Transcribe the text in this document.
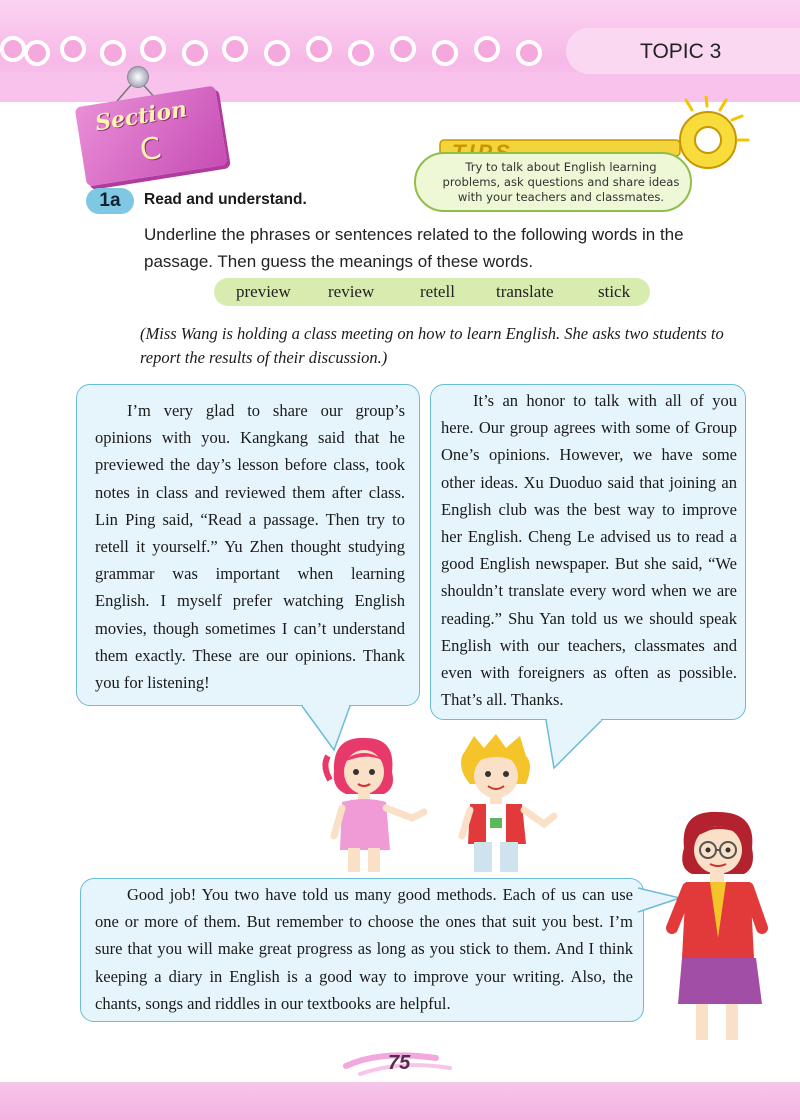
TOPIC 3
Section
C	Try to talk about English learning problems, ask questions and share ideas with your teachers and classmates.
1a	Read and understand.
Underline the phrases or sentences related to the following words in the passage. Then guess the meanings of these words.
preview review	retell translate	stick
(Miss Wang is holding a class meeting on how to learn English. She asks two students to report the results of their discussion.)

I’m very glad to share our group’s opinions with you. Kangkang said that he previewed the day’s lesson before class, took notes in class and reviewed them after class. Lin Ping said, “Read a passage. Then try to retell it yourself.” Yu Zhen thought studying grammar was important when learning English. I myself prefer watching English movies, though sometimes I can’t understand them exactly. These are our opinions. Thank you for listening!

It’s an honor to talk with all of you here. Our group agrees with some of Group One’s opinions. However, we have some other ideas. Xu Duoduo said that joining an English club was the best way to improve her English. Cheng Le advised us to read a good English newspaper. But she said, “We shouldn’t translate every word when we are reading.” Shu Yan told us we should speak English with our teachers, classmates and even with foreigners as often as possible. That’s all. Thanks.

Good job! You two have told us many good methods. Each of us can use one or more of them. But remember to choose the ones that suit you best. I’m sure that you will make great progress as long as you stick to them. And I think keeping a diary in English is a good way to improve your writing. Also, the chants, songs and riddles in our textbooks are helpful.

75
